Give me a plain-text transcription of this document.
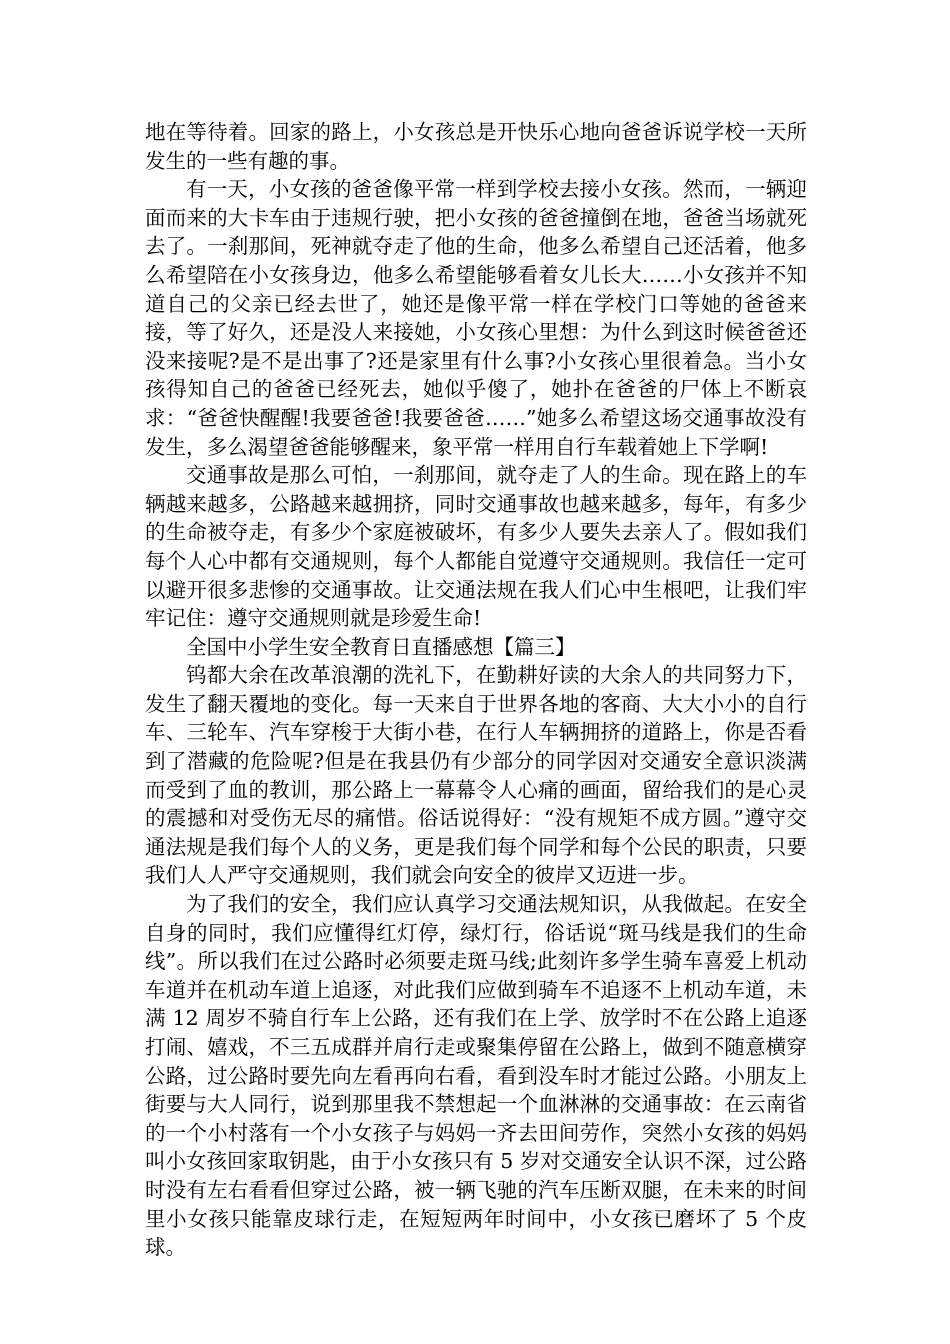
地在等待着。回家的路上，小女孩总是开快乐心地向爸爸诉说学校一天所发生的一些有趣的事。

有一天，小女孩的爸爸像平常一样到学校去接小女孩。然而，一辆迎面而来的大卡车由于违规行驶，把小女孩的爸爸撞倒在地，爸爸当场就死去了。一刹那间，死神就夺走了他的生命，他多么希望自己还活着，他多么希望陪在小女孩身边，他多么希望能够看着女儿长大……小女孩并不知道自己的父亲已经去世了，她还是像平常一样在学校门口等她的爸爸来接，等了好久，还是没人来接她，小女孩心里想：为什么到这时候爸爸还没来接呢?是不是出事了?还是家里有什么事?小女孩心里很着急。当小女孩得知自己的爸爸已经死去，她似乎傻了，她扑在爸爸的尸体上不断哀求：“爸爸快醒醒!我要爸爸!我要爸爸……”她多么希望这场交通事故没有发生，多么渴望爸爸能够醒来，象平常一样用自行车载着她上下学啊!

交通事故是那么可怕，一刹那间，就夺走了人的生命。现在路上的车辆越来越多，公路越来越拥挤，同时交通事故也越来越多，每年，有多少的生命被夺走，有多少个家庭被破坏，有多少人要失去亲人了。假如我们每个人心中都有交通规则，每个人都能自觉遵守交通规则。我信任一定可以避开很多悲惨的交通事故。让交通法规在我人们心中生根吧，让我们牢牢记住：遵守交通规则就是珍爱生命!

全国中小学生安全教育日直播感想【篇三】

钨都大余在改革浪潮的洗礼下，在勤耕好读的大余人的共同努力下，发生了翻天覆地的变化。每一天来自于世界各地的客商、大大小小的自行车、三轮车、汽车穿梭于大街小巷，在行人车辆拥挤的道路上，你是否看到了潜藏的危险呢?但是在我县仍有少部分的同学因对交通安全意识淡满而受到了血的教训，那公路上一幕幕令人心痛的画面，留给我们的是心灵的震撼和对受伤无尽的痛惜。俗话说得好：“没有规矩不成方圆。”遵守交通法规是我们每个人的义务，更是我们每个同学和每个公民的职责，只要我们人人严守交通规则，我们就会向安全的彼岸又迈进一步。

为了我们的安全，我们应认真学习交通法规知识，从我做起。在安全自身的同时，我们应懂得红灯停，绿灯行，俗话说“斑马线是我们的生命线”。所以我们在过公路时必须要走斑马线;此刻许多学生骑车喜爱上机动车道并在机动车道上追逐，对此我们应做到骑车不追逐不上机动车道，未满 12 周岁不骑自行车上公路，还有我们在上学、放学时不在公路上追逐打闹、嬉戏，不三五成群并肩行走或聚集停留在公路上，做到不随意横穿公路，过公路时要先向左看再向右看，看到没车时才能过公路。小朋友上街要与大人同行，说到那里我不禁想起一个血淋淋的交通事故：在云南省的一个小村落有一个小女孩子与妈妈一齐去田间劳作，突然小女孩的妈妈叫小女孩回家取钥匙，由于小女孩只有 5 岁对交通安全认识不深，过公路时没有左右看看但穿过公路，被一辆飞驰的汽车压断双腿，在未来的时间里小女孩只能靠皮球行走，在短短两年时间中，小女孩已磨坏了 5 个皮球。
